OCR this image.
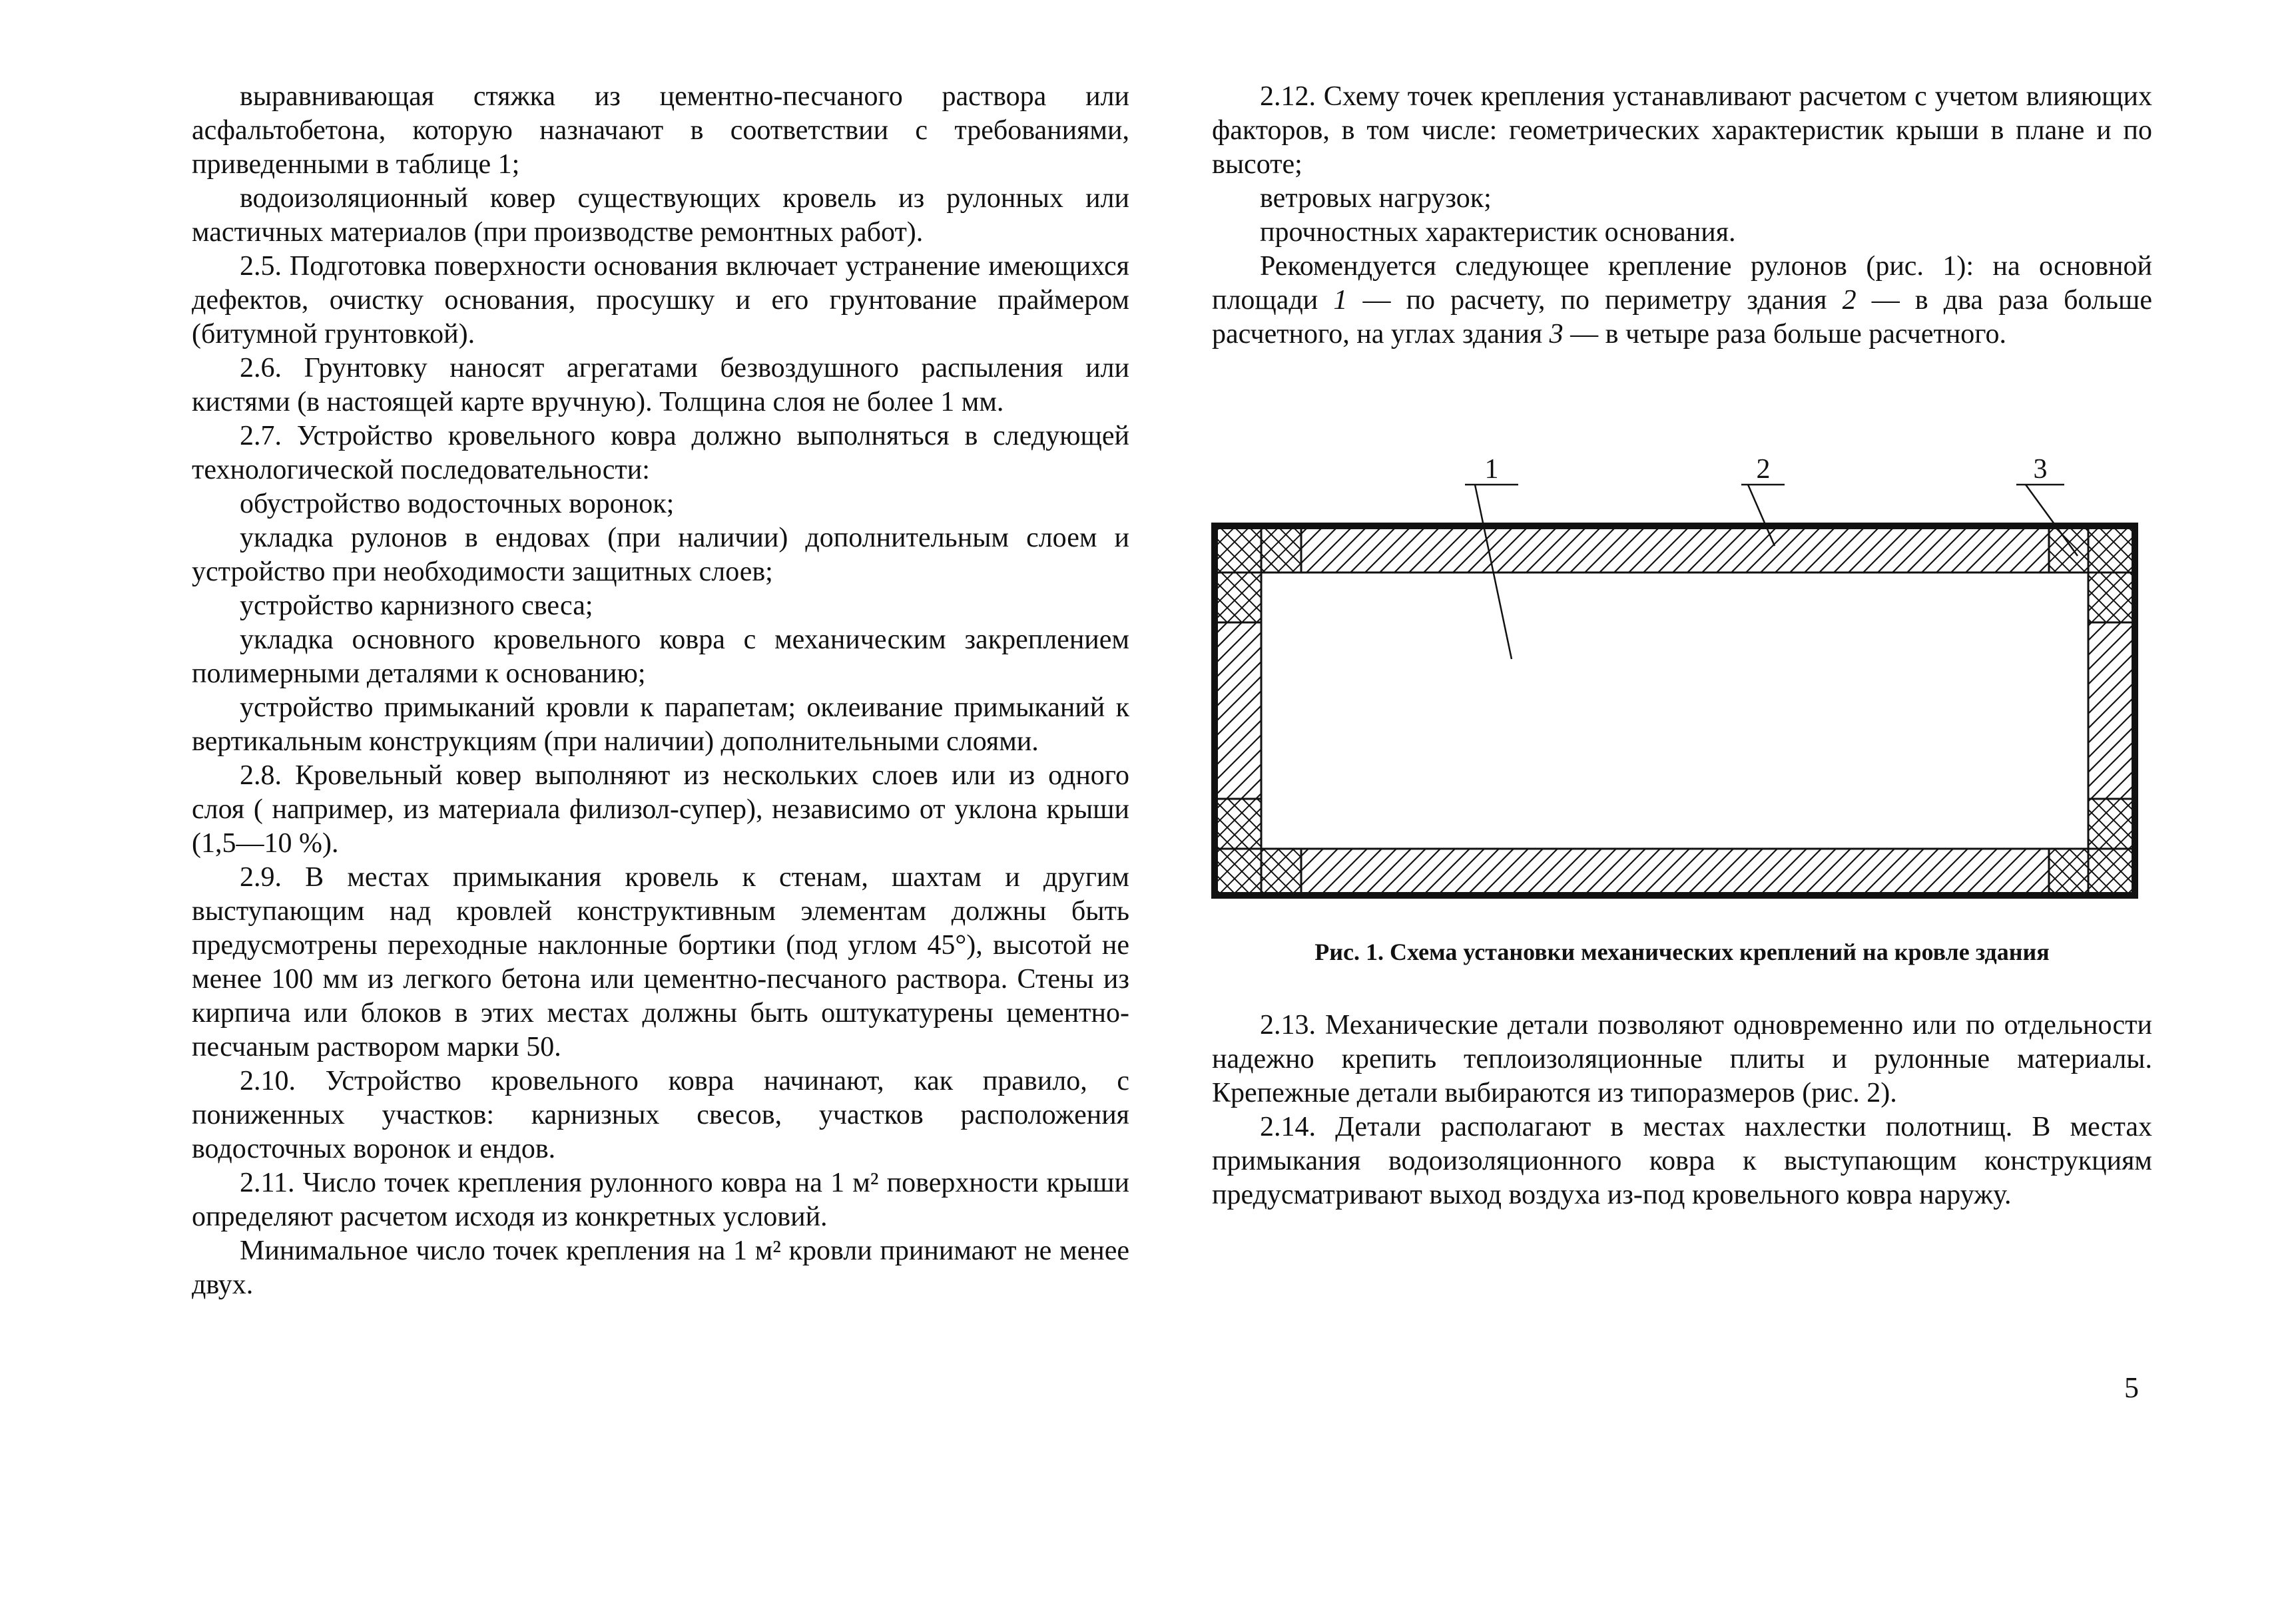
выравнивающая стяжка из цементно-песчаного раствора или асфальтобетона, которую назначают в соответствии с требованиями, приведенными в таблице 1;

водоизоляционный ковер существующих кровель из рулонных или мастичных материалов (при производстве ремонтных работ).

2.5. Подготовка поверхности основания включает устранение имеющихся дефектов, очистку основания, просушку и его грунтование праймером (битумной грунтовкой).

2.6. Грунтовку наносят агрегатами безвоздушного распыления или кистями (в настоящей карте вручную). Толщина слоя не более 1 мм.

2.7. Устройство кровельного ковра должно выполняться в следующей технологической последовательности:

обустройство водосточных воронок;

укладка рулонов в ендовах (при наличии) дополнительным слоем и устройство при необходимости защитных слоев;

устройство карнизного свеса;

укладка основного кровельного ковра с механическим закреплением полимерными деталями к основанию;

устройство примыканий кровли к парапетам; оклеивание примыканий к вертикальным конструкциям (при наличии) дополнительными слоями.

2.8. Кровельный ковер выполняют из нескольких слоев или из одного слоя ( например, из материала филизол-супер), независимо от уклона крыши (1,5—10 %).

2.9. В местах примыкания кровель к стенам, шахтам и другим выступающим над кровлей конструктивным элементам должны быть предусмотрены переходные наклонные бортики (под углом 45°), высотой не менее 100 мм из легкого бетона или цементно-песчаного раствора. Стены из кирпича или блоков в этих местах должны быть оштукатурены цементно-песчаным раствором марки 50.

2.10. Устройство кровельного ковра начинают, как правило, с пониженных участков: карнизных свесов, участков расположения водосточных воронок и ендов.

2.11. Число точек крепления рулонного ковра на 1 м² поверхности крыши определяют расчетом исходя из конкретных условий.

Минимальное число точек крепления на 1 м² кровли принимают не менее двух.

2.12. Схему точек крепления устанавливают расчетом с учетом влияющих факторов, в том числе: геометрических характеристик крыши в плане и по высоте;

ветровых нагрузок;

прочностных характеристик основания.

Рекомендуется следующее крепление рулонов (рис. 1): на основной площади 1 — по расчету, по периметру здания 2 — в два раза больше расчетного, на углах здания 3 — в четыре раза больше расчетного.

1	2	3
Рис. 1. Схема установки механических креплений на кровле здания

2.13. Механические детали позволяют одновременно или по отдельности надежно крепить теплоизоляционные плиты и рулонные материалы. Крепежные детали выбираются из типоразмеров (рис. 2).

2.14. Детали располагают в местах нахлестки полотнищ. В местах примыкания водоизоляционного ковра к выступающим конструкциям предусматривают выход воздуха из-под кровельного ковра наружу.

5
